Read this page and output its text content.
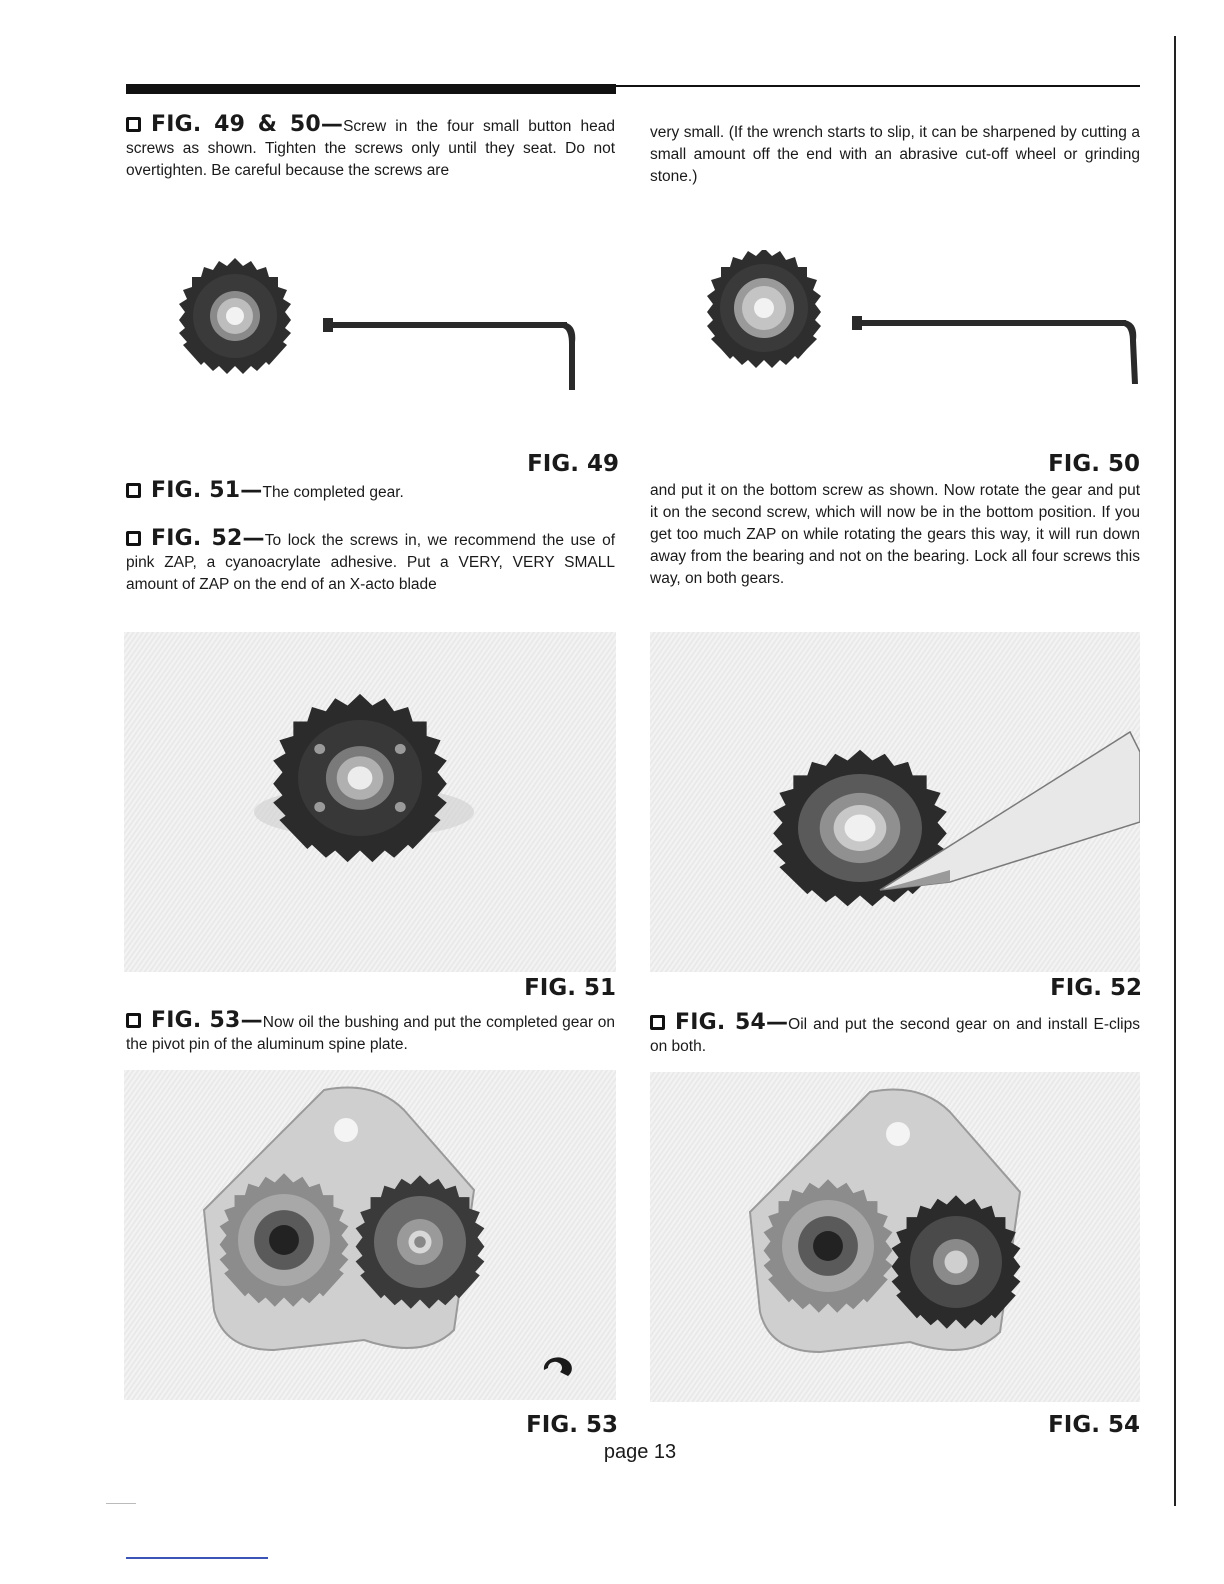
FIG. 49 & 50—Screw in the four small button head screws as shown. Tighten the screws only until they seat. Do not overtighten. Be careful because the screws are

very small. (If the wrench starts to slip, it can be sharpened by cutting a small amount off the end with an abrasive cut-off wheel or grinding stone.)

FIG. 49	FIG. 50

FIG. 51—The completed gear.

FIG. 52—To lock the screws in, we recommend the use of pink ZAP, a cyanoacrylate adhesive. Put a VERY, VERY SMALL amount of ZAP on the end of an X-acto blade

and put it on the bottom screw as shown. Now rotate the gear and put it on the second screw, which will now be in the bottom position. If you get too much ZAP on while rotating the gears this way, it will run down away from the bearing and not on the bearing. Lock all four screws this way, on both gears.

FIG. 51	FIG. 52

FIG. 53—Now oil the bushing and put the completed gear on the pivot pin of the aluminum spine plate.

FIG. 54—Oil and put the second gear on and install E-clips on both.

FIG. 53	FIG. 54
page 13
